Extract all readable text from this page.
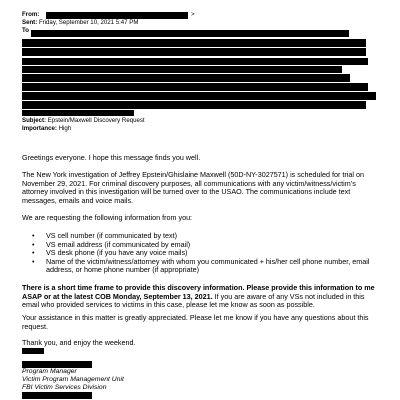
From:	>
Sent: Friday, September 10, 2021 5:47 PM
To
Subject: Epstein/Maxwell Discovery Request
Importance: High

Greetings everyone. I hope this message finds you well.

The New York investigation of Jeffrey Epstein/Ghislaine Maxwell (50D-NY-3027571) is scheduled for trial on November 29, 2021. For criminal discovery purposes, all communications with any victim/witness/victim’s attorney involved in this investigation will be turned over to the USAO. The communications include text messages, emails and voice mails.

We are requesting the following information from you:

• VS cell number (if communicated by text)
• VS email address (if communicated by email)
• VS desk phone (if you have any voice mails)
• Name of the victim/witness/attorney with whom you communicated + his/her cell phone number, email address, or home phone number (if appropriate)

There is a short time frame to provide this discovery information. Please provide this information to me ASAP or at the latest COB Monday, September 13, 2021. If you are aware of any VSs not included in this email who provided services to victims in this case, please let me know as soon as possible.

Your assistance in this matter is greatly appreciated. Please let me know if you have any questions about this request.

Thank you, and enjoy the weekend.

Program Manager
Victim Program Management Unit
FBI Victim Services Division
